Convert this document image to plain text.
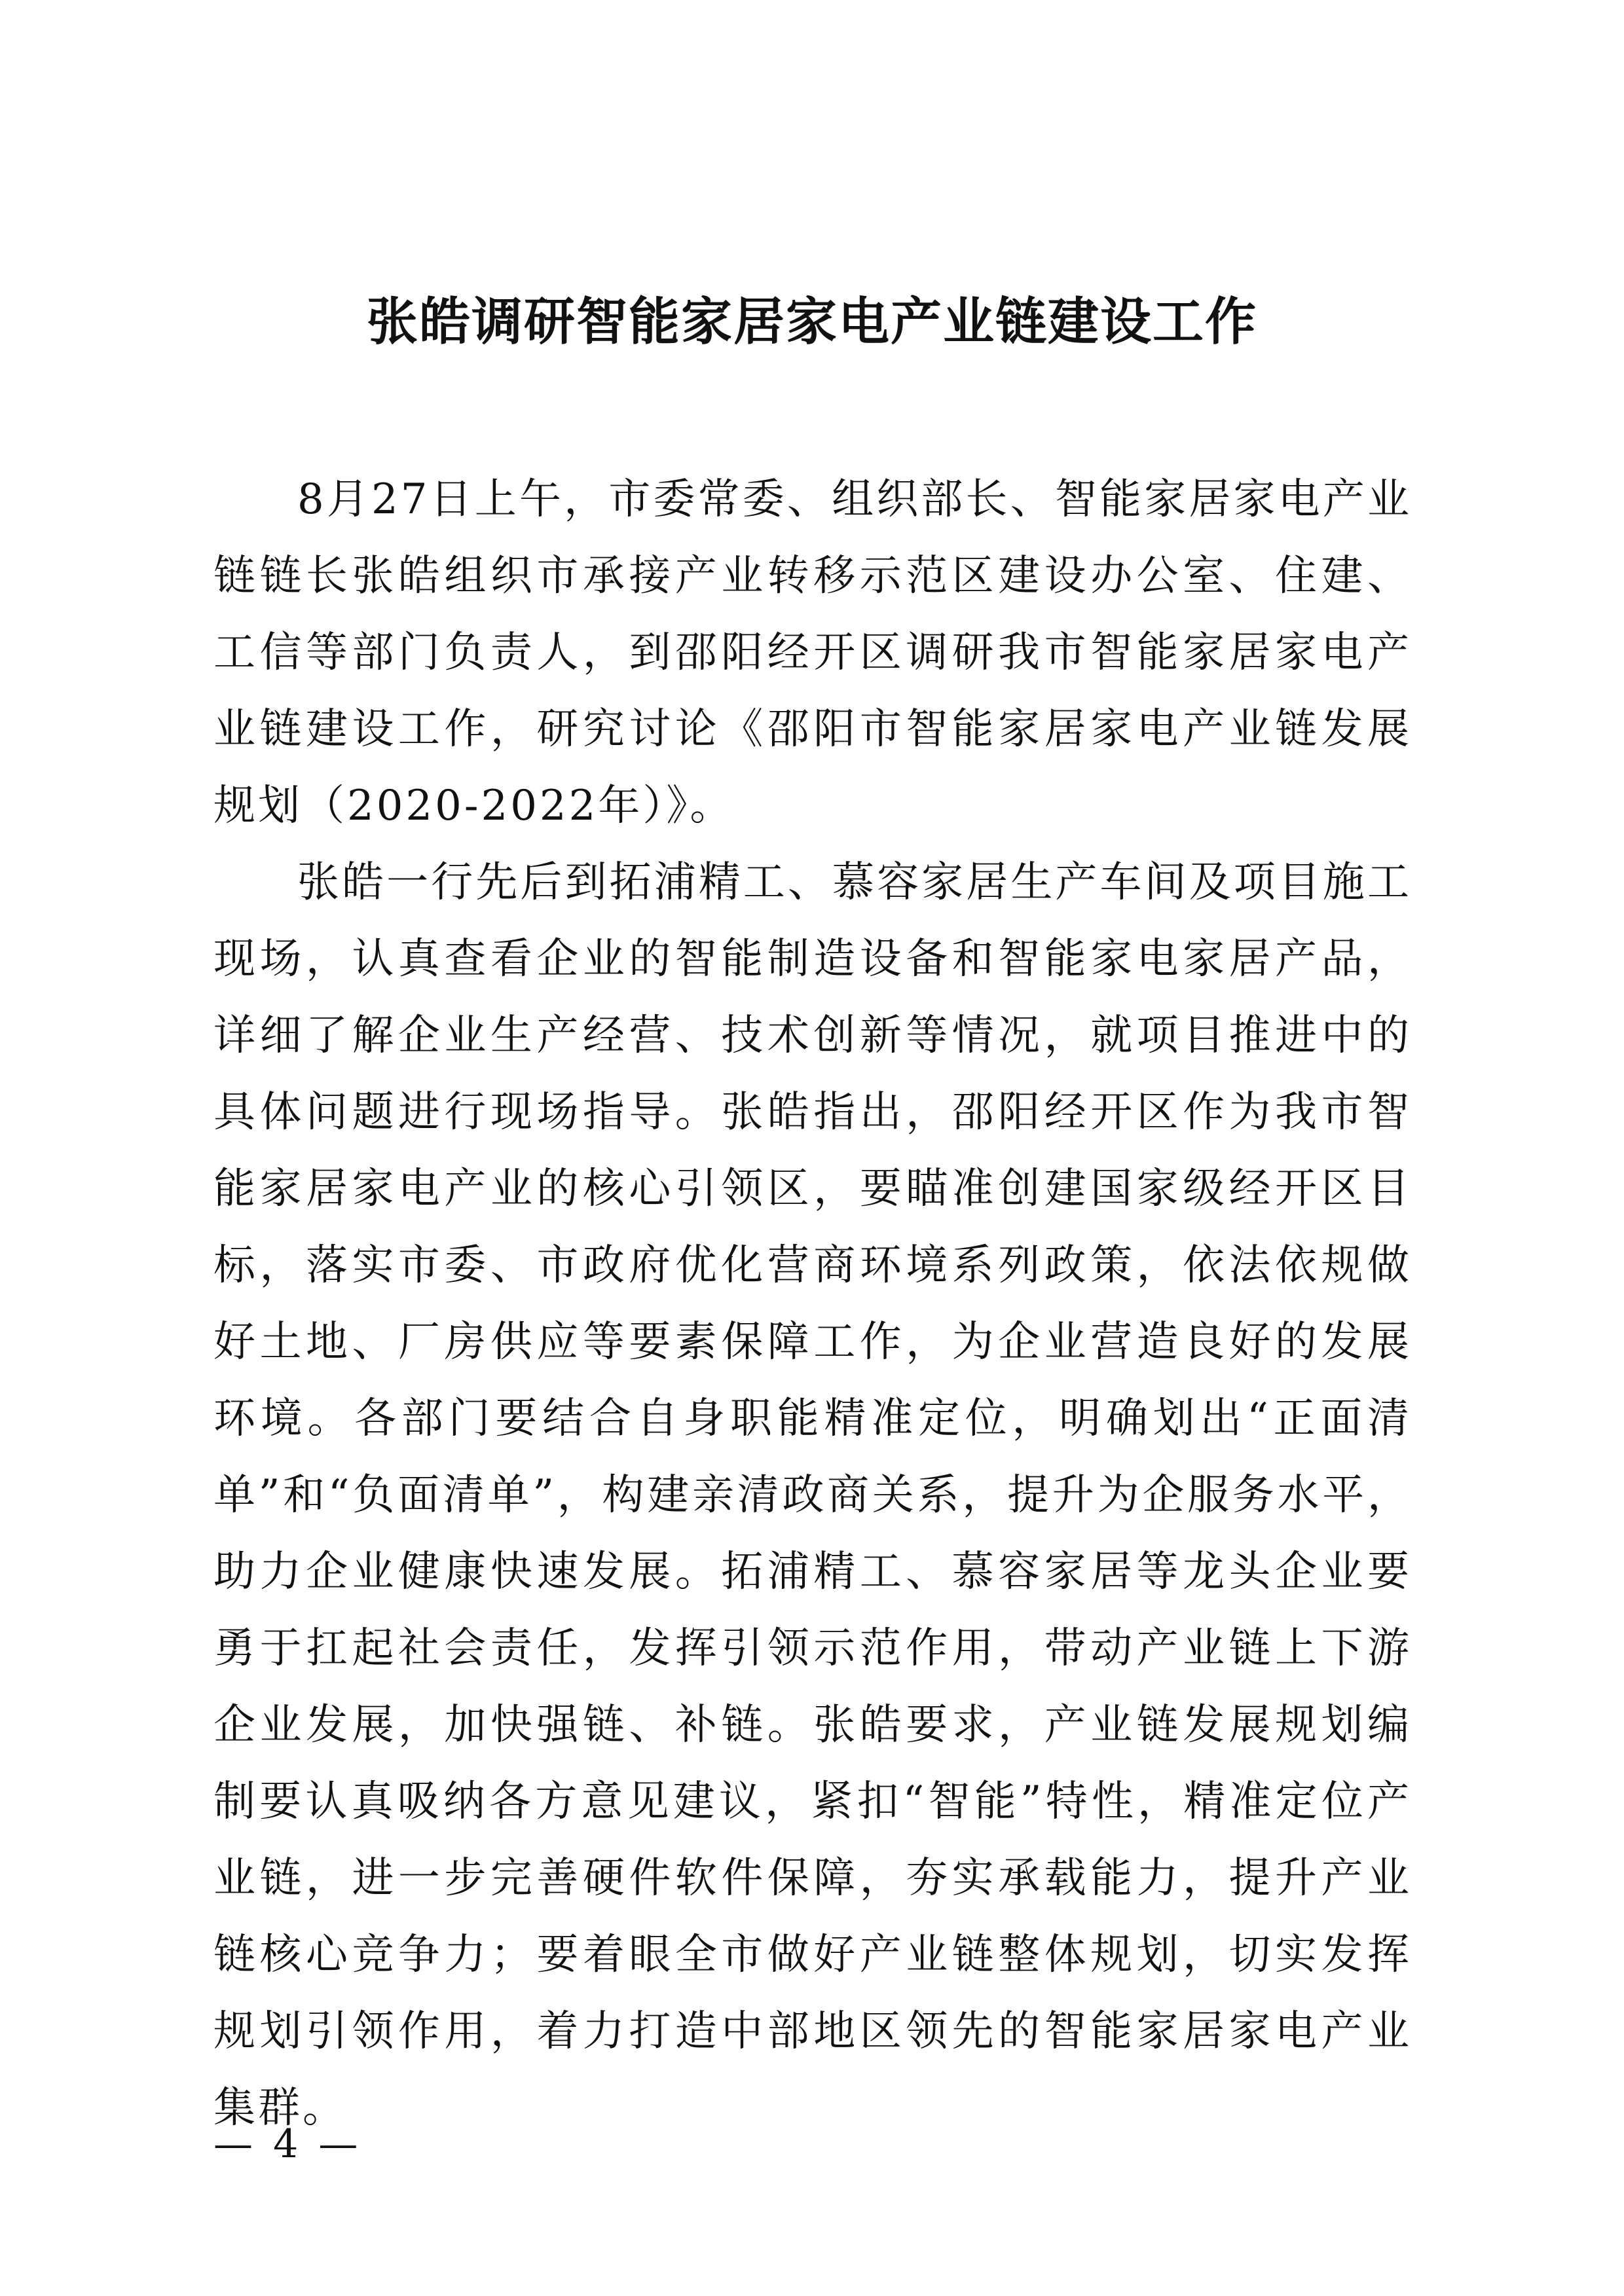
张皓调研智能家居家电产业链建设工作

8月27日上午，市委常委、组织部长、智能家居家电产业链链长张皓组织市承接产业转移示范区建设办公室、住建、工信等部门负责人，到邵阳经开区调研我市智能家居家电产业链建设工作，研究讨论《邵阳市智能家居家电产业链发展规划（2020-2022年）》。

张皓一行先后到拓浦精工、慕容家居生产车间及项目施工现场，认真查看企业的智能制造设备和智能家电家居产品，详细了解企业生产经营、技术创新等情况，就项目推进中的具体问题进行现场指导。张皓指出，邵阳经开区作为我市智能家居家电产业的核心引领区，要瞄准创建国家级经开区目标，落实市委、市政府优化营商环境系列政策，依法依规做好土地、厂房供应等要素保障工作，为企业营造良好的发展环境。各部门要结合自身职能精准定位，明确划出“正面清单”和“负面清单”，构建亲清政商关系，提升为企服务水平，助力企业健康快速发展。拓浦精工、慕容家居等龙头企业要勇于扛起社会责任，发挥引领示范作用，带动产业链上下游企业发展，加快强链、补链。张皓要求，产业链发展规划编制要认真吸纳各方意见建议，紧扣“智能”特性，精准定位产业链，进一步完善硬件软件保障，夯实承载能力，提升产业链核心竞争力；要着眼全市做好产业链整体规划，切实发挥规划引领作用，着力打造中部地区领先的智能家居家电产业集群。

— 4 —
